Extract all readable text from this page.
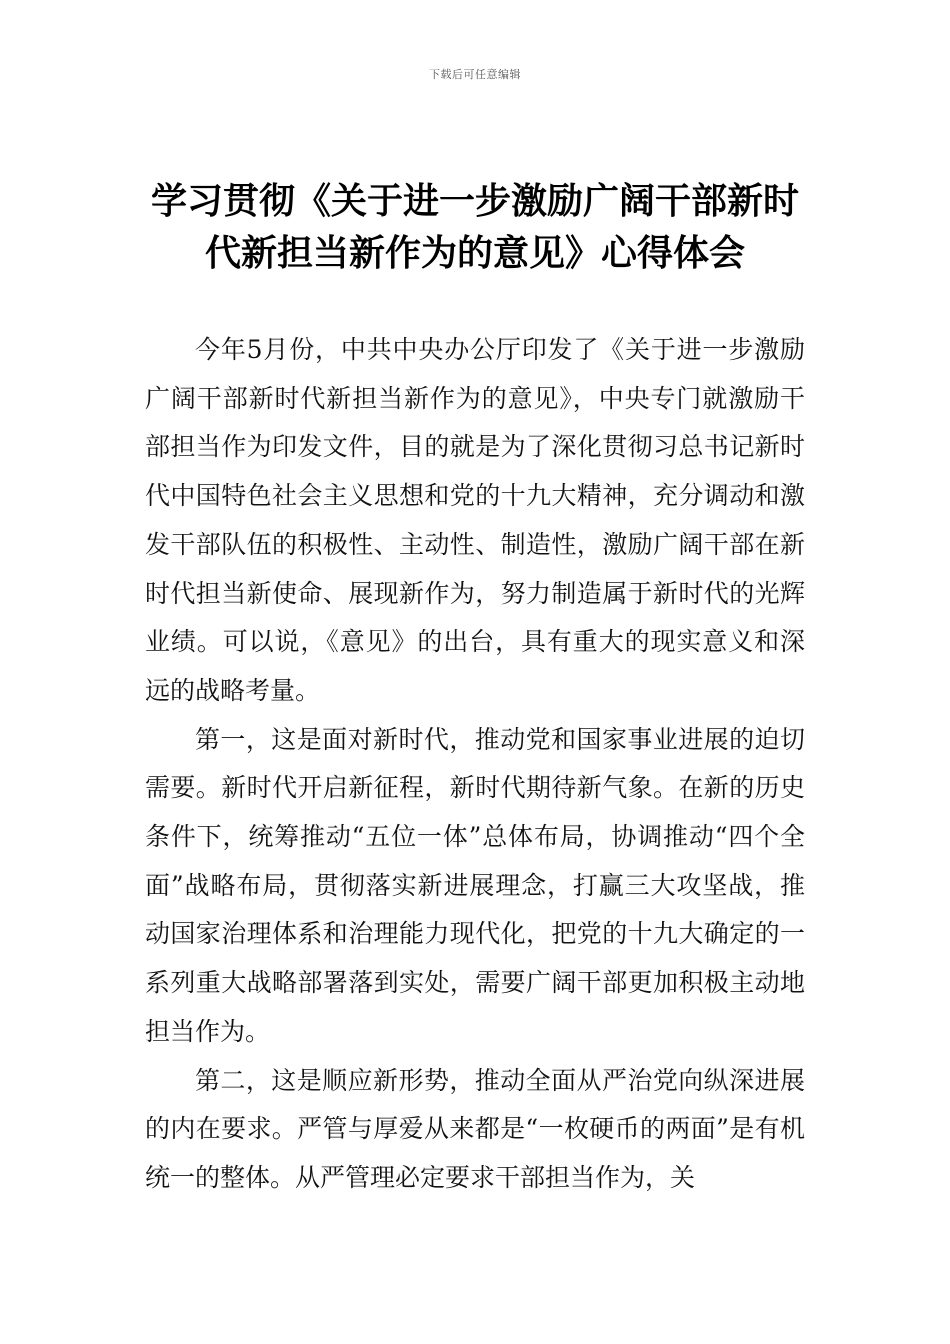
下载后可任意编辑
学习贯彻《关于进一步激励广阔干部新时
代新担当新作为的意见》心得体会

今年5月份，中共中央办公厅印发了《关于进一步激励广阔干部新时代新担当新作为的意见》，中央专门就激励干部担当作为印发文件，目的就是为了深化贯彻习总书记新时代中国特色社会主义思想和党的十九大精神，充分调动和激发干部队伍的积极性、主动性、制造性，激励广阔干部在新时代担当新使命、展现新作为，努力制造属于新时代的光辉业绩。可以说，《意见》的出台，具有重大的现实意义和深远的战略考量。

第一，这是面对新时代，推动党和国家事业进展的迫切需要。新时代开启新征程，新时代期待新气象。在新的历史条件下，统筹推动“五位一体”总体布局，协调推动“四个全面”战略布局，贯彻落实新进展理念，打赢三大攻坚战，推动国家治理体系和治理能力现代化，把党的十九大确定的一系列重大战略部署落到实处，需要广阔干部更加积极主动地担当作为。

第二，这是顺应新形势，推动全面从严治党向纵深进展的内在要求。严管与厚爱从来都是“一枚硬币的两面”是有机统一的整体。从严管理必定要求干部担当作为，关
